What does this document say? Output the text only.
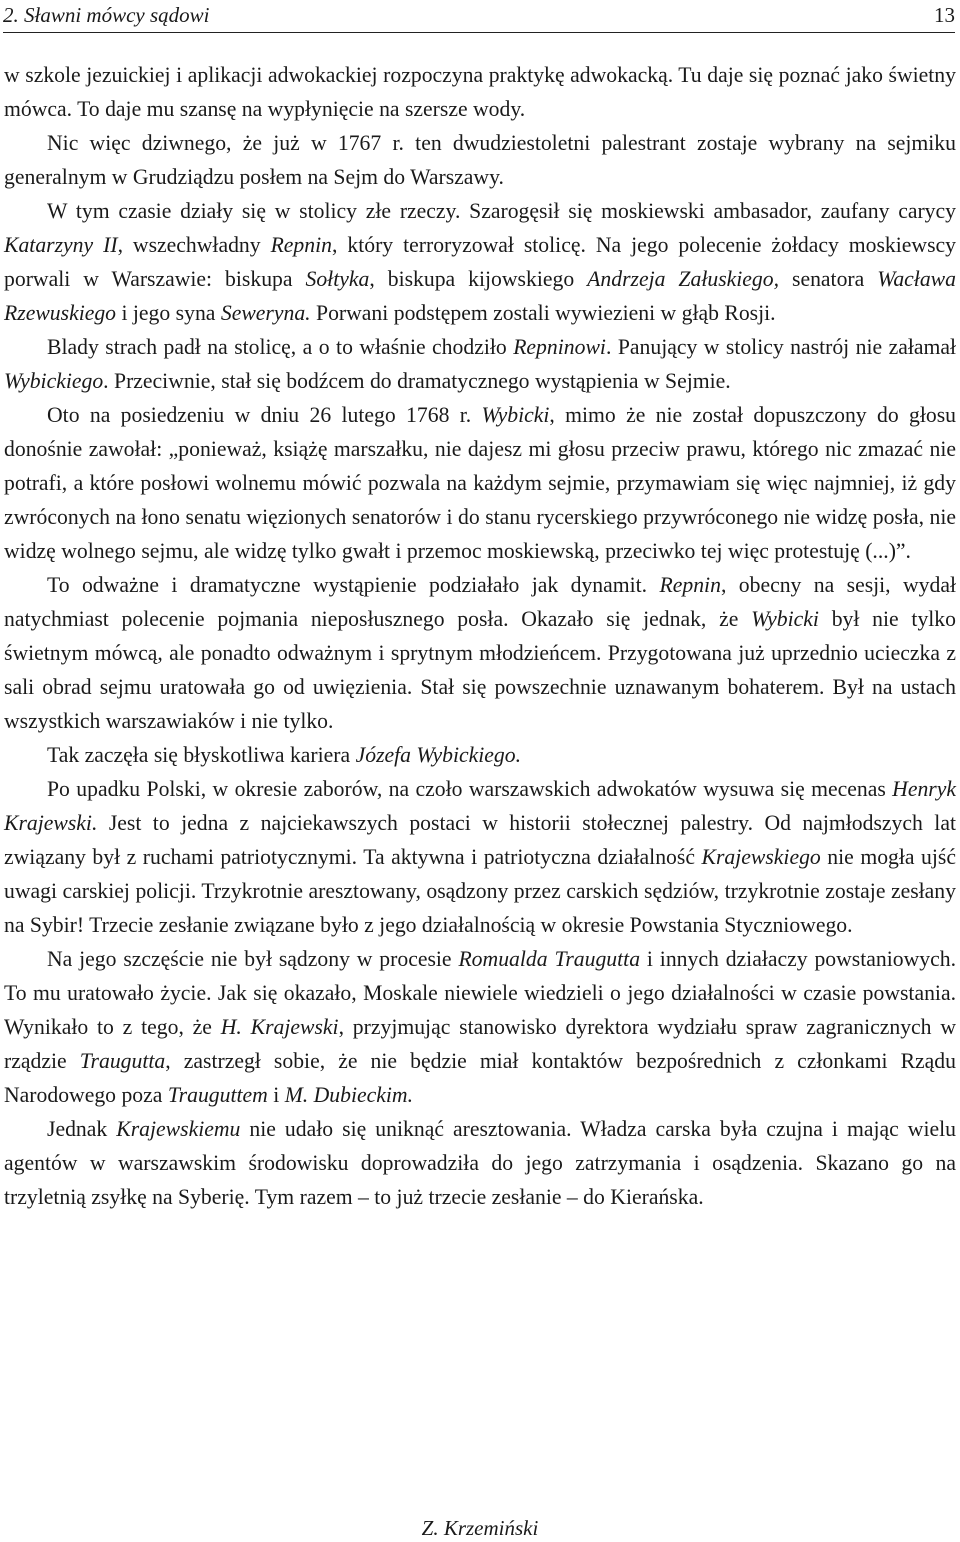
2. Sławni mówcy sądowi	13

w szkole jezuickiej i aplikacji adwokackiej rozpoczyna praktykę adwokacką. Tu daje się poznać jako świetny mówca. To daje mu szansę na wypłynięcie na szersze wody.

Nic więc dziwnego, że już w 1767 r. ten dwudziestoletni palestrant zostaje wybrany na sejmiku generalnym w Grudziądzu posłem na Sejm do Warszawy.

W tym czasie działy się w stolicy złe rzeczy. Szarogęsił się moskiewski ambasador, zaufany carycy Katarzyny II, wszechwładny Repnin, który terroryzował stolicę. Na jego polecenie żołdacy moskiewscy porwali w Warszawie: biskupa Sołtyka, biskupa kijowskiego Andrzeja Załuskiego, senatora Wacława Rzewuskiego i jego syna Seweryna. Porwani podstępem zostali wywiezieni w głąb Rosji.

Blady strach padł na stolicę, a o to właśnie chodziło Repninowi. Panujący w stolicy nastrój nie załamał Wybickiego. Przeciwnie, stał się bodźcem do dramatycznego wystąpienia w Sejmie.

Oto na posiedzeniu w dniu 26 lutego 1768 r. Wybicki, mimo że nie został dopuszczony do głosu donośnie zawołał: „ponieważ, książę marszałku, nie dajesz mi głosu przeciw prawu, którego nic zmazać nie potrafi, a które posłowi wolnemu mówić pozwala na każdym sejmie, przymawiam się więc najmniej, iż gdy zwróconych na łono senatu więzionych senatorów i do stanu rycerskiego przywróconego nie widzę posła, nie widzę wolnego sejmu, ale widzę tylko gwałt i przemoc moskiewską, przeciwko tej więc protestuję (...)”.

To odważne i dramatyczne wystąpienie podziałało jak dynamit. Repnin, obecny na sesji, wydał natychmiast polecenie pojmania nieposłusznego posła. Okazało się jednak, że Wybicki był nie tylko świetnym mówcą, ale ponadto odważnym i sprytnym młodzieńcem. Przygotowana już uprzednio ucieczka z sali obrad sejmu uratowała go od uwięzienia. Stał się powszechnie uznawanym bohaterem. Był na ustach wszystkich warszawiaków i nie tylko.

Tak zaczęła się błyskotliwa kariera Józefa Wybickiego.

Po upadku Polski, w okresie zaborów, na czoło warszawskich adwokatów wysuwa się mecenas Henryk Krajewski. Jest to jedna z najciekawszych postaci w historii stołecznej palestry. Od najmłodszych lat związany był z ruchami patriotycznymi. Ta aktywna i patriotyczna działalność Krajewskiego nie mogła ujść uwagi carskiej policji. Trzykrotnie aresztowany, osądzony przez carskich sędziów, trzykrotnie zostaje zesłany na Sybir! Trzecie zesłanie związane było z jego działalnością w okresie Powstania Styczniowego.

Na jego szczęście nie był sądzony w procesie Romualda Traugutta i innych działaczy powstaniowych. To mu uratowało życie. Jak się okazało, Moskale niewiele wiedzieli o jego działalności w czasie powstania. Wynikało to z tego, że H. Krajewski, przyjmując stanowisko dyrektora wydziału spraw zagranicznych w rządzie Traugutta, zastrzegł sobie, że nie będzie miał kontaktów bezpośrednich z członkami Rządu Narodowego poza Trauguttem i M. Dubieckim.

Jednak Krajewskiemu nie udało się uniknąć aresztowania. Władza carska była czujna i mając wielu agentów w warszawskim środowisku doprowadziła do jego zatrzymania i osądzenia. Skazano go na trzyletnią zsyłkę na Syberię. Tym razem – to już trzecie zesłanie – do Kierańska.

Z. Krzemiński
